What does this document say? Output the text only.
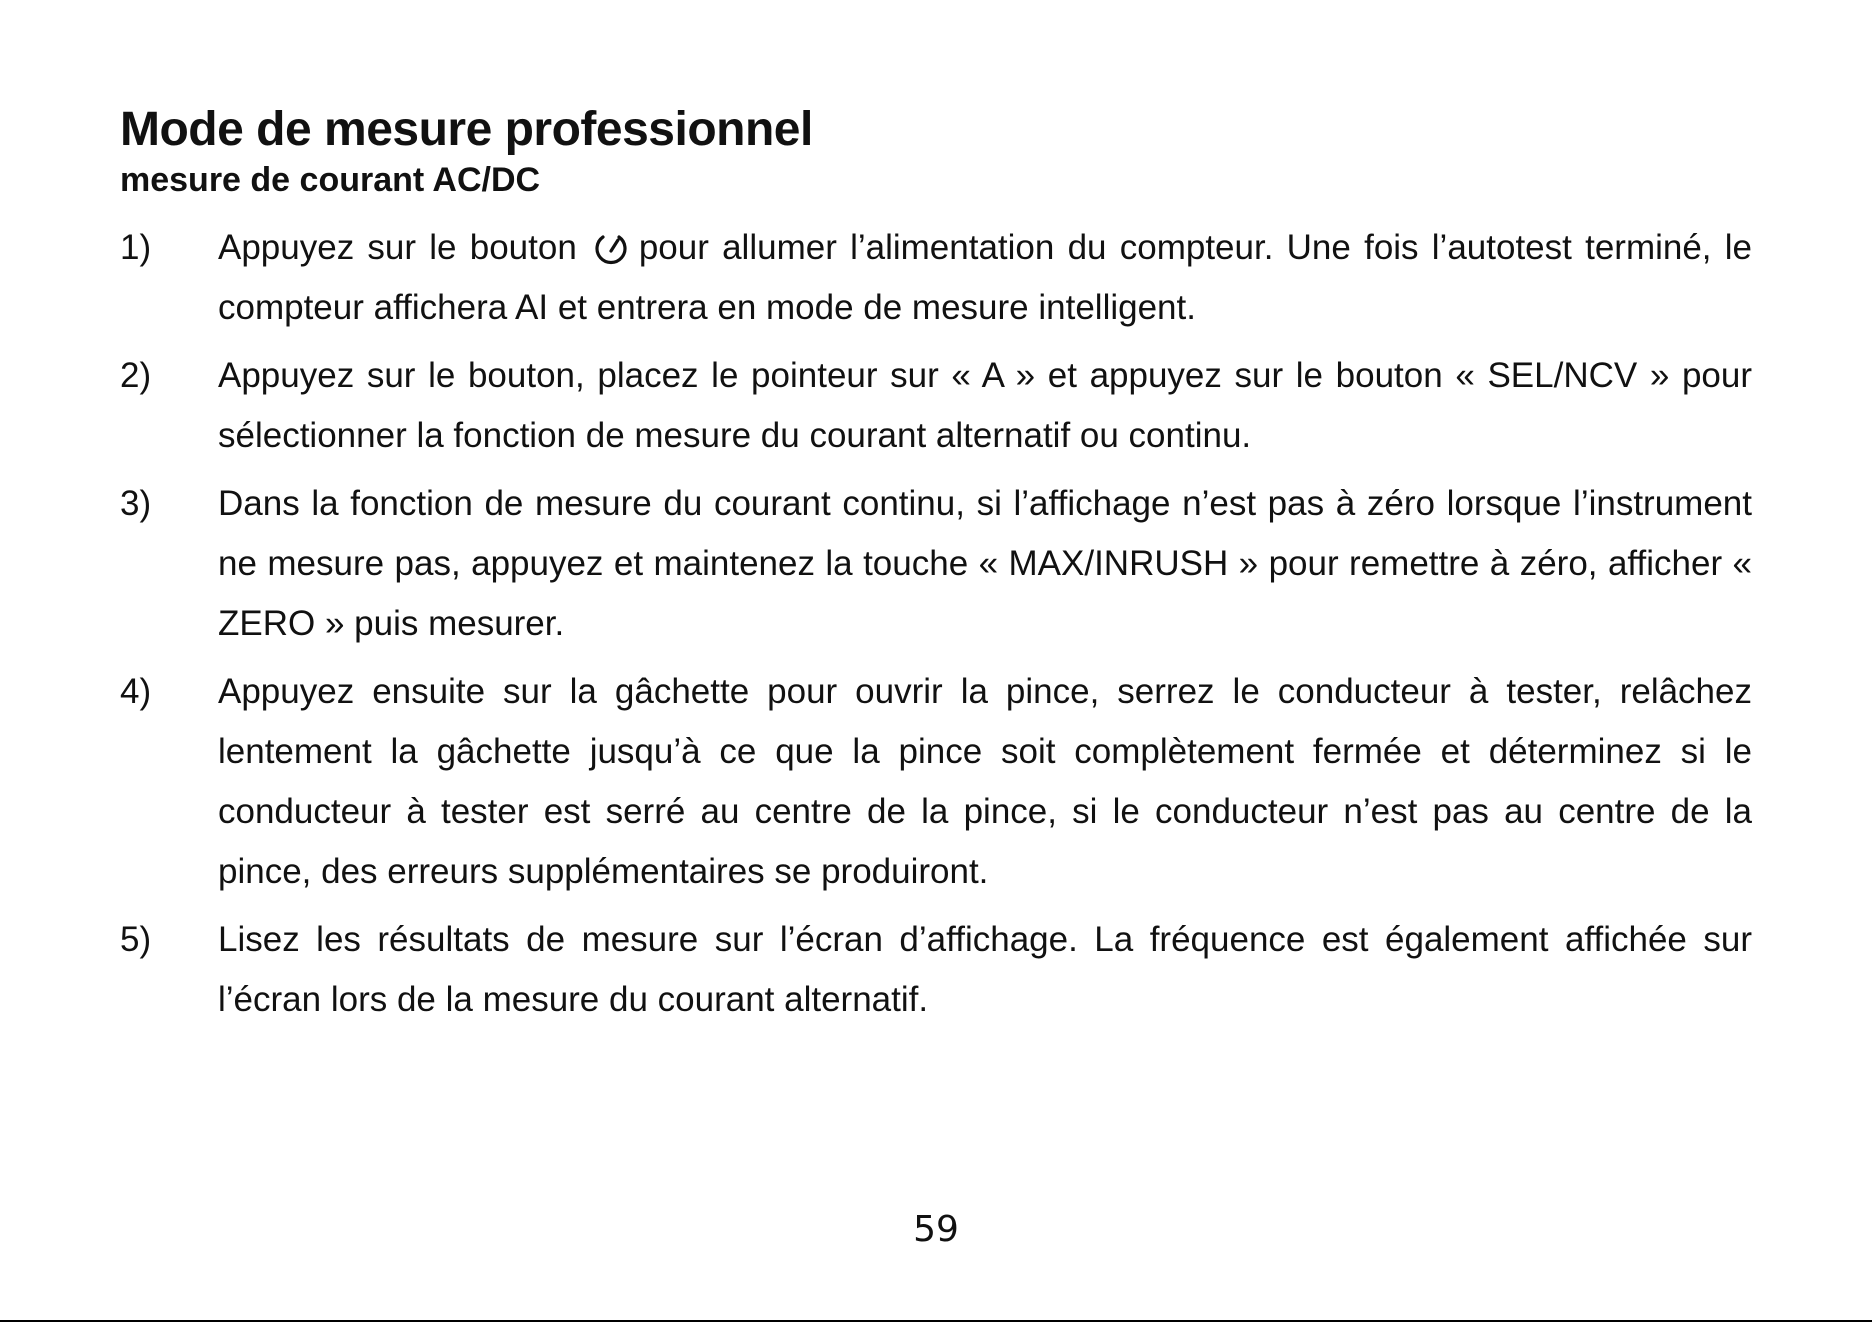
Mode de mesure professionnel
mesure de courant AC/DC
1) Appuyez sur le bouton pour allumer l’alimentation du compteur. Une fois l’autotest terminé, le compteur affichera AI et entrera en mode de mesure intelligent.
2) Appuyez sur le bouton, placez le pointeur sur « A » et appuyez sur le bouton « SEL/NCV » pour sélectionner la fonction de mesure du courant alternatif ou continu.
3) Dans la fonction de mesure du courant continu, si l’affichage n’est pas à zéro lorsque l’instrument ne mesure pas, appuyez et maintenez la touche « MAX/INRUSH » pour remettre à zéro, afficher « ZERO » puis mesurer.
4) Appuyez ensuite sur la gâchette pour ouvrir la pince, serrez le conducteur à tester, relâchez lentement la gâchette jusqu’à ce que la pince soit complètement fermée et déterminez si le conducteur à tester est serré au centre de la pince, si le conducteur n’est pas au centre de la pince, des erreurs supplémentaires se produiront.
5) Lisez les résultats de mesure sur l’écran d’affichage. La fréquence est également affichée sur l’écran lors de la mesure du courant alternatif.
59
